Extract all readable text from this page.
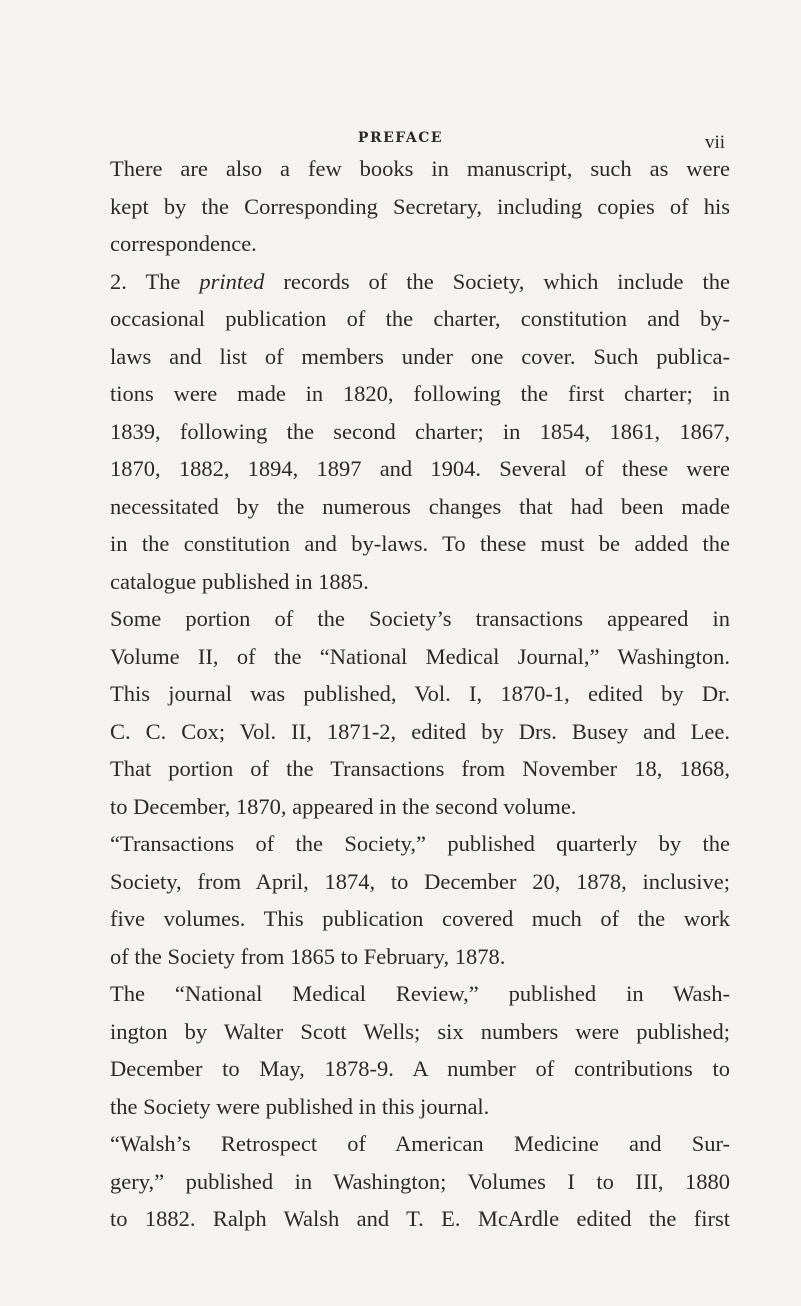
PREFACE	vii

There are also a few books in manuscript, such as were
kept by the Corresponding Secretary, including copies of his
correspondence.

2. The printed records of the Society, which include the
occasional publication of the charter, constitution and by-
laws and list of members under one cover. Such publica-
tions were made in 1820, following the first charter; in
1839, following the second charter; in 1854, 1861, 1867,
1870, 1882, 1894, 1897 and 1904. Several of these were
necessitated by the numerous changes that had been made
in the constitution and by-laws. To these must be added the
catalogue published in 1885.

Some portion of the Society’s transactions appeared in
Volume II, of the “National Medical Journal,” Washington.
This journal was published, Vol. I, 1870-1, edited by Dr.
C. C. Cox; Vol. II, 1871-2, edited by Drs. Busey and Lee.
That portion of the Transactions from November 18, 1868,
to December, 1870, appeared in the second volume.

“Transactions of the Society,” published quarterly by the
Society, from April, 1874, to December 20, 1878, inclusive;
five volumes. This publication covered much of the work
of the Society from 1865 to February, 1878.

The “National Medical Review,” published in Wash-
ington by Walter Scott Wells; six numbers were published;
December to May, 1878-9. A number of contributions to
the Society were published in this journal.

“Walsh’s Retrospect of American Medicine and Sur-
gery,” published in Washington; Volumes I to III, 1880
to 1882. Ralph Walsh and T. E. McArdle edited the first
